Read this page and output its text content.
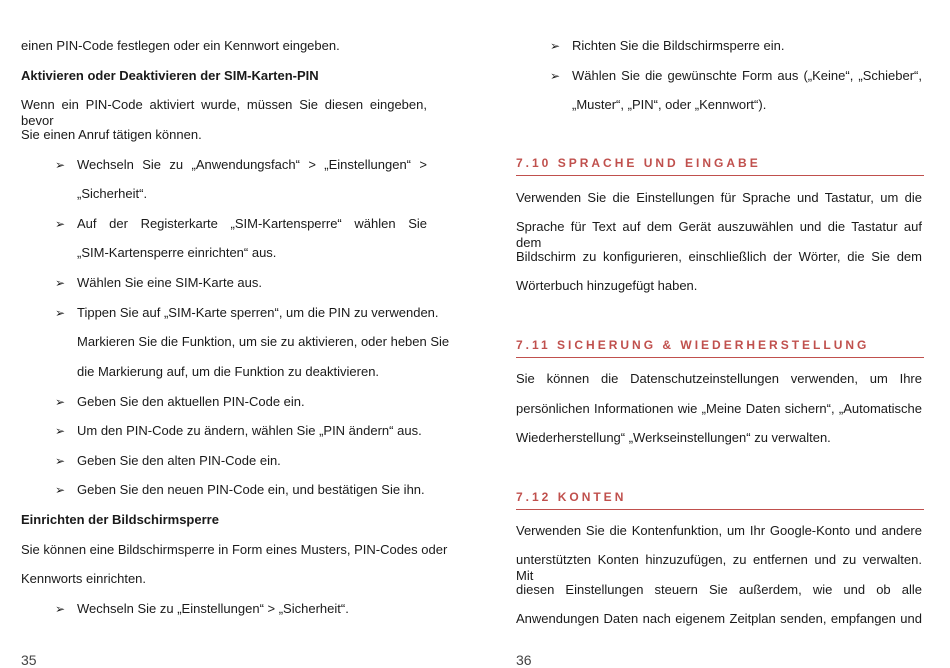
einen PIN-Code festlegen oder ein Kennwort eingeben.
Aktivieren oder Deaktivieren der SIM-Karten-PIN
Wenn ein PIN-Code aktiviert wurde, müssen Sie diesen eingeben, bevor
Sie einen Anruf tätigen können.
➢ Wechseln Sie zu „Anwendungsfach“ > „Einstellungen“ >
„Sicherheit“.
➢ Auf der Registerkarte „SIM-Kartensperre“ wählen Sie
„SIM-Kartensperre einrichten“ aus.
➢ Wählen Sie eine SIM-Karte aus.
➢ Tippen Sie auf „SIM-Karte sperren“, um die PIN zu verwenden.
Markieren Sie die Funktion, um sie zu aktivieren, oder heben Sie
die Markierung auf, um die Funktion zu deaktivieren.
➢ Geben Sie den aktuellen PIN-Code ein.
➢ Um den PIN-Code zu ändern, wählen Sie „PIN ändern“ aus.
➢ Geben Sie den alten PIN-Code ein.
➢ Geben Sie den neuen PIN-Code ein, und bestätigen Sie ihn.
Einrichten der Bildschirmsperre
Sie können eine Bildschirmsperre in Form eines Musters, PIN-Codes oder
Kennworts einrichten.
➢ Wechseln Sie zu „Einstellungen“ > „Sicherheit“.
35
➢ Richten Sie die Bildschirmsperre ein.
➢ Wählen Sie die gewünschte Form aus („Keine“, „Schieber“,
„Muster“, „PIN“, oder „Kennwort“).
7.10 SPRACHE UND EINGABE
Verwenden Sie die Einstellungen für Sprache und Tastatur, um die
Sprache für Text auf dem Gerät auszuwählen und die Tastatur auf dem
Bildschirm zu konfigurieren, einschließlich der Wörter, die Sie dem
Wörterbuch hinzugefügt haben.
7.11 SICHERUNG & WIEDERHERSTELLUNG
Sie können die Datenschutzeinstellungen verwenden, um Ihre
persönlichen Informationen wie „Meine Daten sichern“, „Automatische
Wiederherstellung“ „Werkseinstellungen“ zu verwalten.
7.12 KONTEN
Verwenden Sie die Kontenfunktion, um Ihr Google-Konto und andere
unterstützten Konten hinzuzufügen, zu entfernen und zu verwalten. Mit
diesen Einstellungen steuern Sie außerdem, wie und ob alle
Anwendungen Daten nach eigenem Zeitplan senden, empfangen und
36
